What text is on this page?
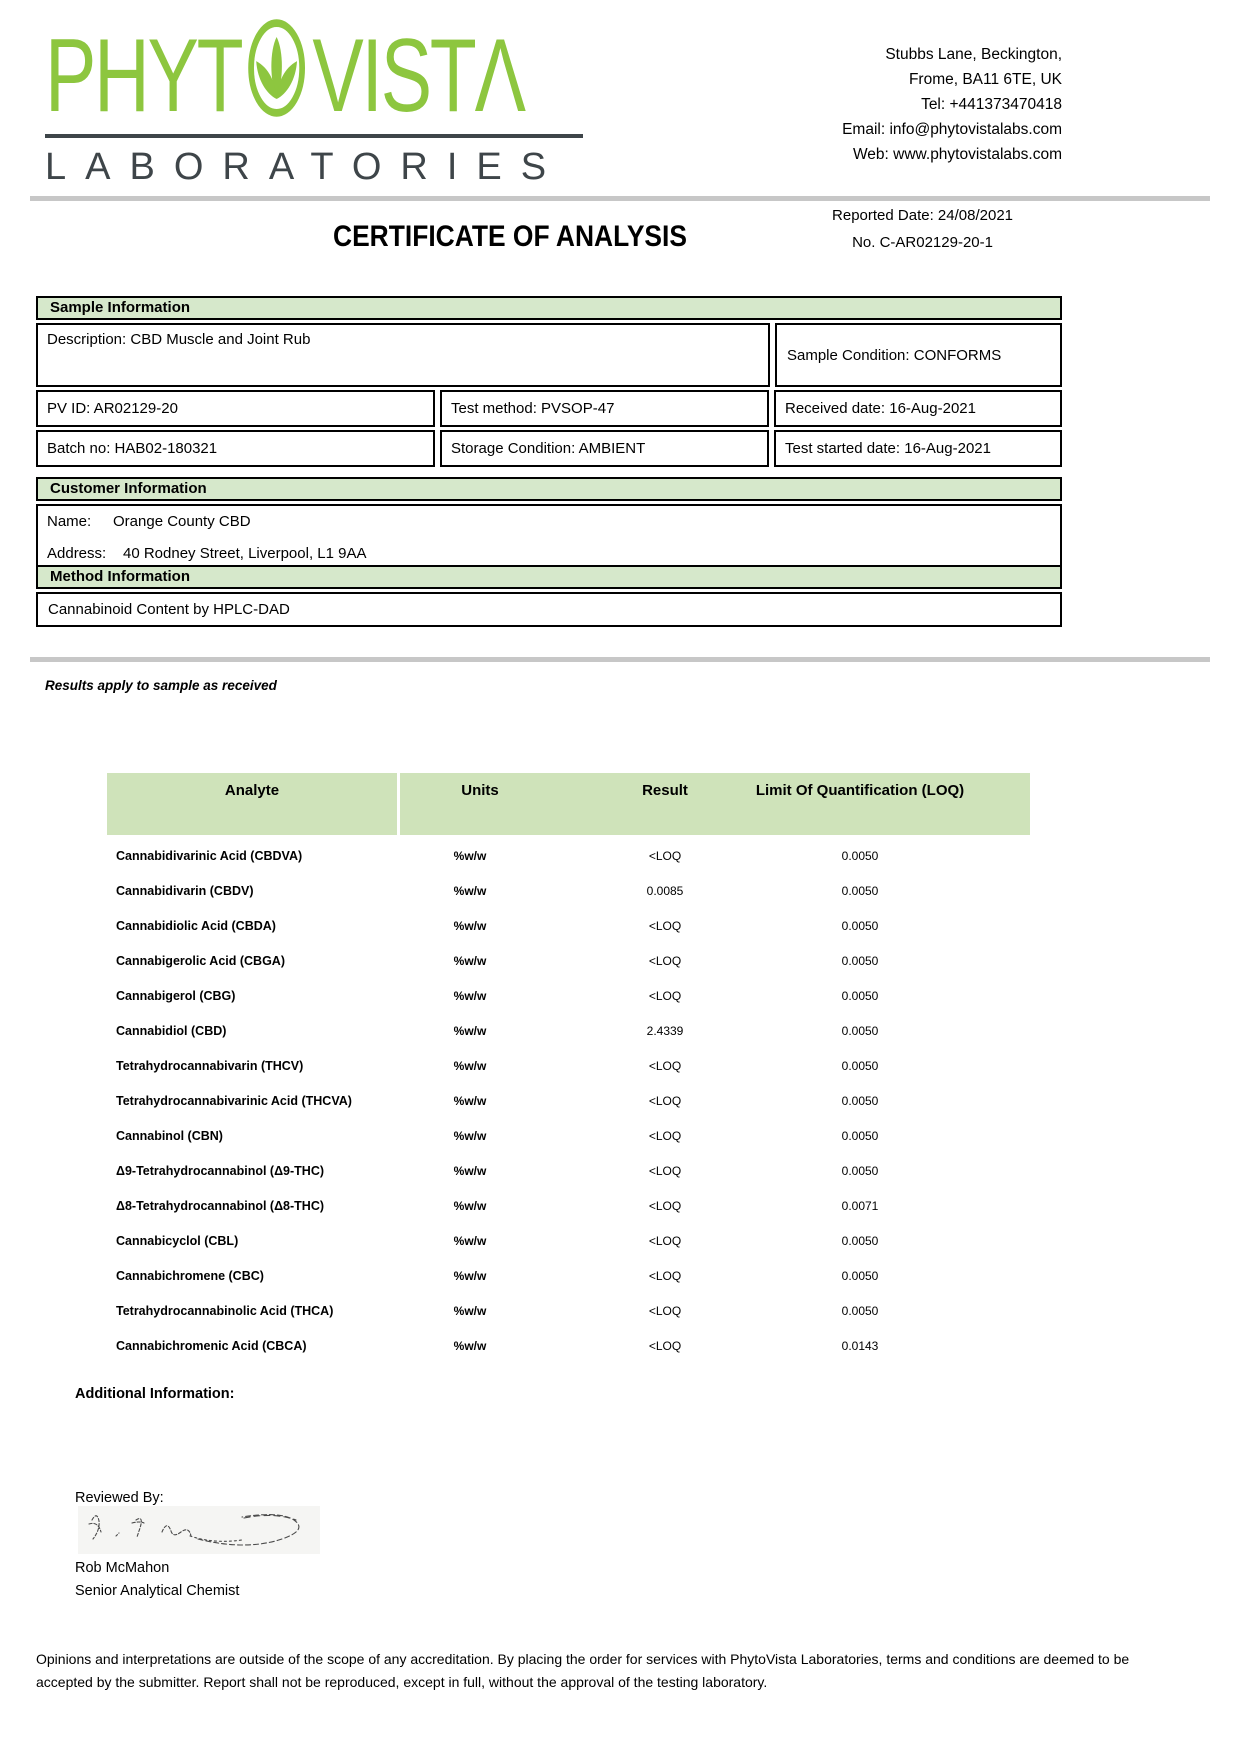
PHYT VISTΛ
LABORATORIES
Stubbs Lane, Beckington,
Frome, BA11 6TE, UK
Tel: +441373470418
Email: info@phytovistalabs.com
Web: www.phytovistalabs.com
Reported Date: 24/08/2021
No. C-AR02129-20-1
CERTIFICATE OF ANALYSIS
Sample Information
Description: CBD Muscle and Joint Rub
Sample Condition: CONFORMS
PV ID: AR02129-20	Test method: PVSOP-47	Received date: 16-Aug-2021
Batch no: HAB02-180321	Storage Condition: AMBIENT	Test started date: 16-Aug-2021
Customer Information
Name: Orange County CBD
Address: 40 Rodney Street, Liverpool, L1 9AA
Method Information
Cannabinoid Content by HPLC-DAD
Results apply to sample as received
Analyte	Units	Result	Limit Of Quantification (LOQ)
Cannabidivarinic Acid (CBDVA)	%w/w	<LOQ	0.0050
Cannabidivarin (CBDV)	%w/w	0.0085	0.0050
Cannabidiolic Acid (CBDA)	%w/w	<LOQ	0.0050
Cannabigerolic Acid (CBGA)	%w/w	<LOQ	0.0050
Cannabigerol (CBG)	%w/w	<LOQ	0.0050
Cannabidiol (CBD)	%w/w	2.4339	0.0050
Tetrahydrocannabivarin (THCV)	%w/w	<LOQ	0.0050
Tetrahydrocannabivarinic Acid (THCVA)	%w/w	<LOQ	0.0050
Cannabinol (CBN)	%w/w	<LOQ	0.0050
Δ9-Tetrahydrocannabinol (Δ9-THC)	%w/w	<LOQ	0.0050
Δ8-Tetrahydrocannabinol (Δ8-THC)	%w/w	<LOQ	0.0071
Cannabicyclol (CBL)	%w/w	<LOQ	0.0050
Cannabichromene (CBC)	%w/w	<LOQ	0.0050
Tetrahydrocannabinolic Acid (THCA)	%w/w	<LOQ	0.0050
Cannabichromenic Acid (CBCA)	%w/w	<LOQ	0.0143
Additional Information:
Reviewed By:
Rob McMahon
Senior Analytical Chemist
Opinions and interpretations are outside of the scope of any accreditation. By placing the order for services with PhytoVista Laboratories, terms and conditions are deemed to be accepted by the submitter. Report shall not be reproduced, except in full, without the approval of the testing laboratory.
